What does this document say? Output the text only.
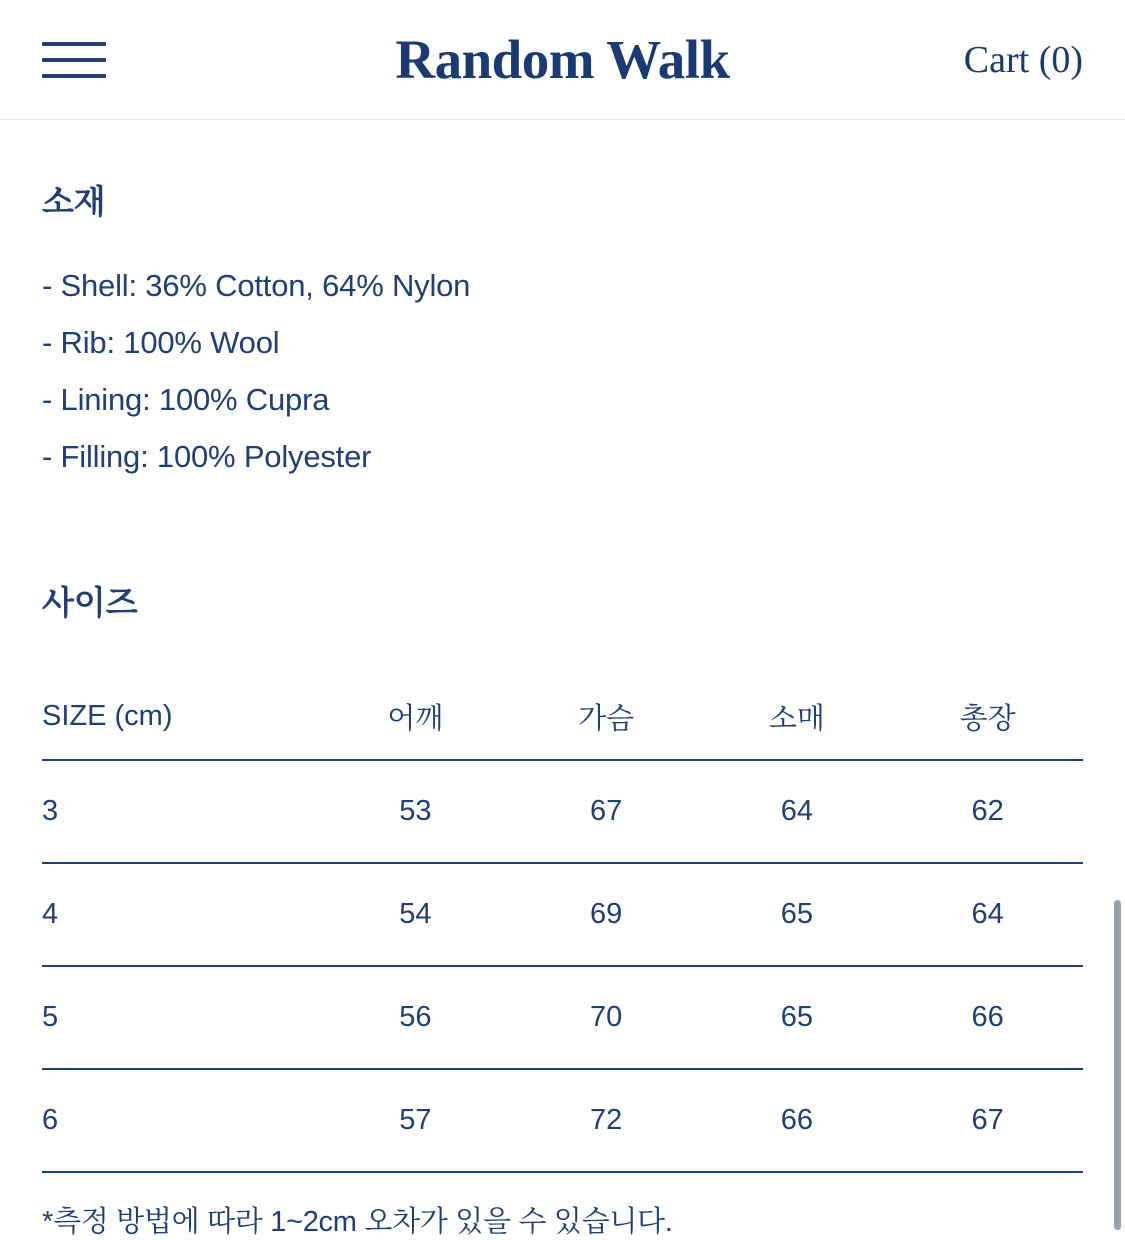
Random Walk	Cart (0)
소재
- Shell: 36% Cotton, 64% Nylon
- Rib: 100% Wool
- Lining: 100% Cupra
- Filling: 100% Polyester
사이즈
SIZE (cm)	어깨	가슴	소매	총장
3	53	67	64	62
4	54	69	65	64
5	56	70	65	66
6	57	72	66	67
*측정 방법에 따라 1~2cm 오차가 있을 수 있습니다.
